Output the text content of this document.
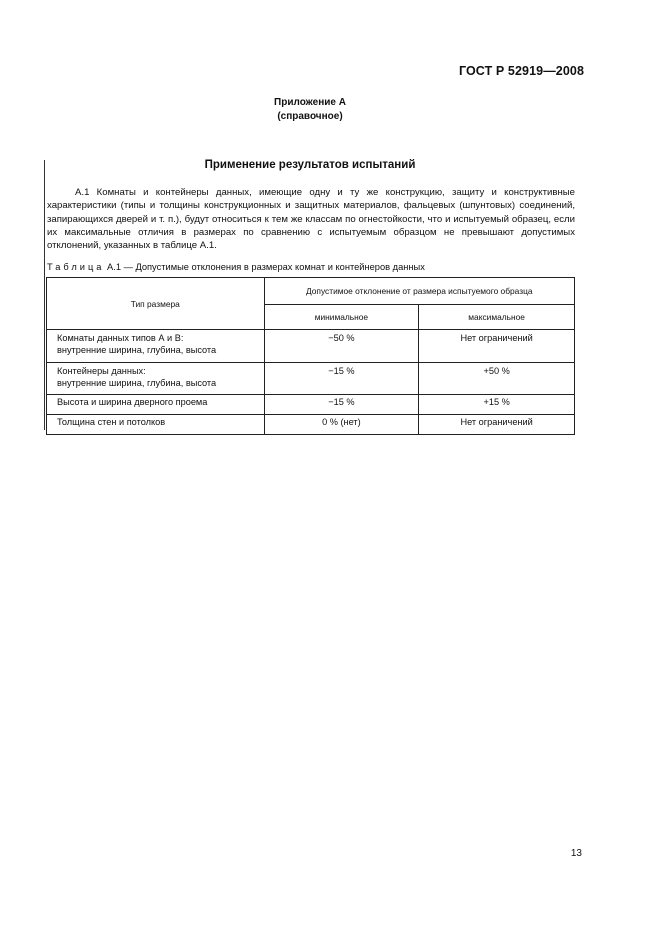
ГОСТ Р 52919—2008
Приложение А
(справочное)
Применение результатов испытаний

А.1 Комнаты и контейнеры данных, имеющие одну и ту же конструкцию, защиту и конструктивные характеристики (типы и толщины конструкционных и защитных материалов, фальцевых (шпунтовых) соединений, запирающихся дверей и т. п.), будут относиться к тем же классам по огнестойкости, что и испытуемый образец, если их максимальные отличия в размерах по сравнению с испытуемым образцом не превышают допустимых отклонений, указанных в таблице А.1.

Таблица А.1 — Допустимые отклонения в размерах комнат и контейнеров данных
Тип размера	Допустимое отклонение от размера испытуемого образца	
	минимальное	максимальное

Комнаты данных типов А и В:
внутренние ширина, глубина, высота	−50 %	Нет ограничений

Контейнеры данных:
внутренние ширина, глубина, высота	−15 %	+50 %
Высота и ширина дверного проема	−15 %	+15 %
Толщина стен и потолков	0 % (нет)	Нет ограничений
13
